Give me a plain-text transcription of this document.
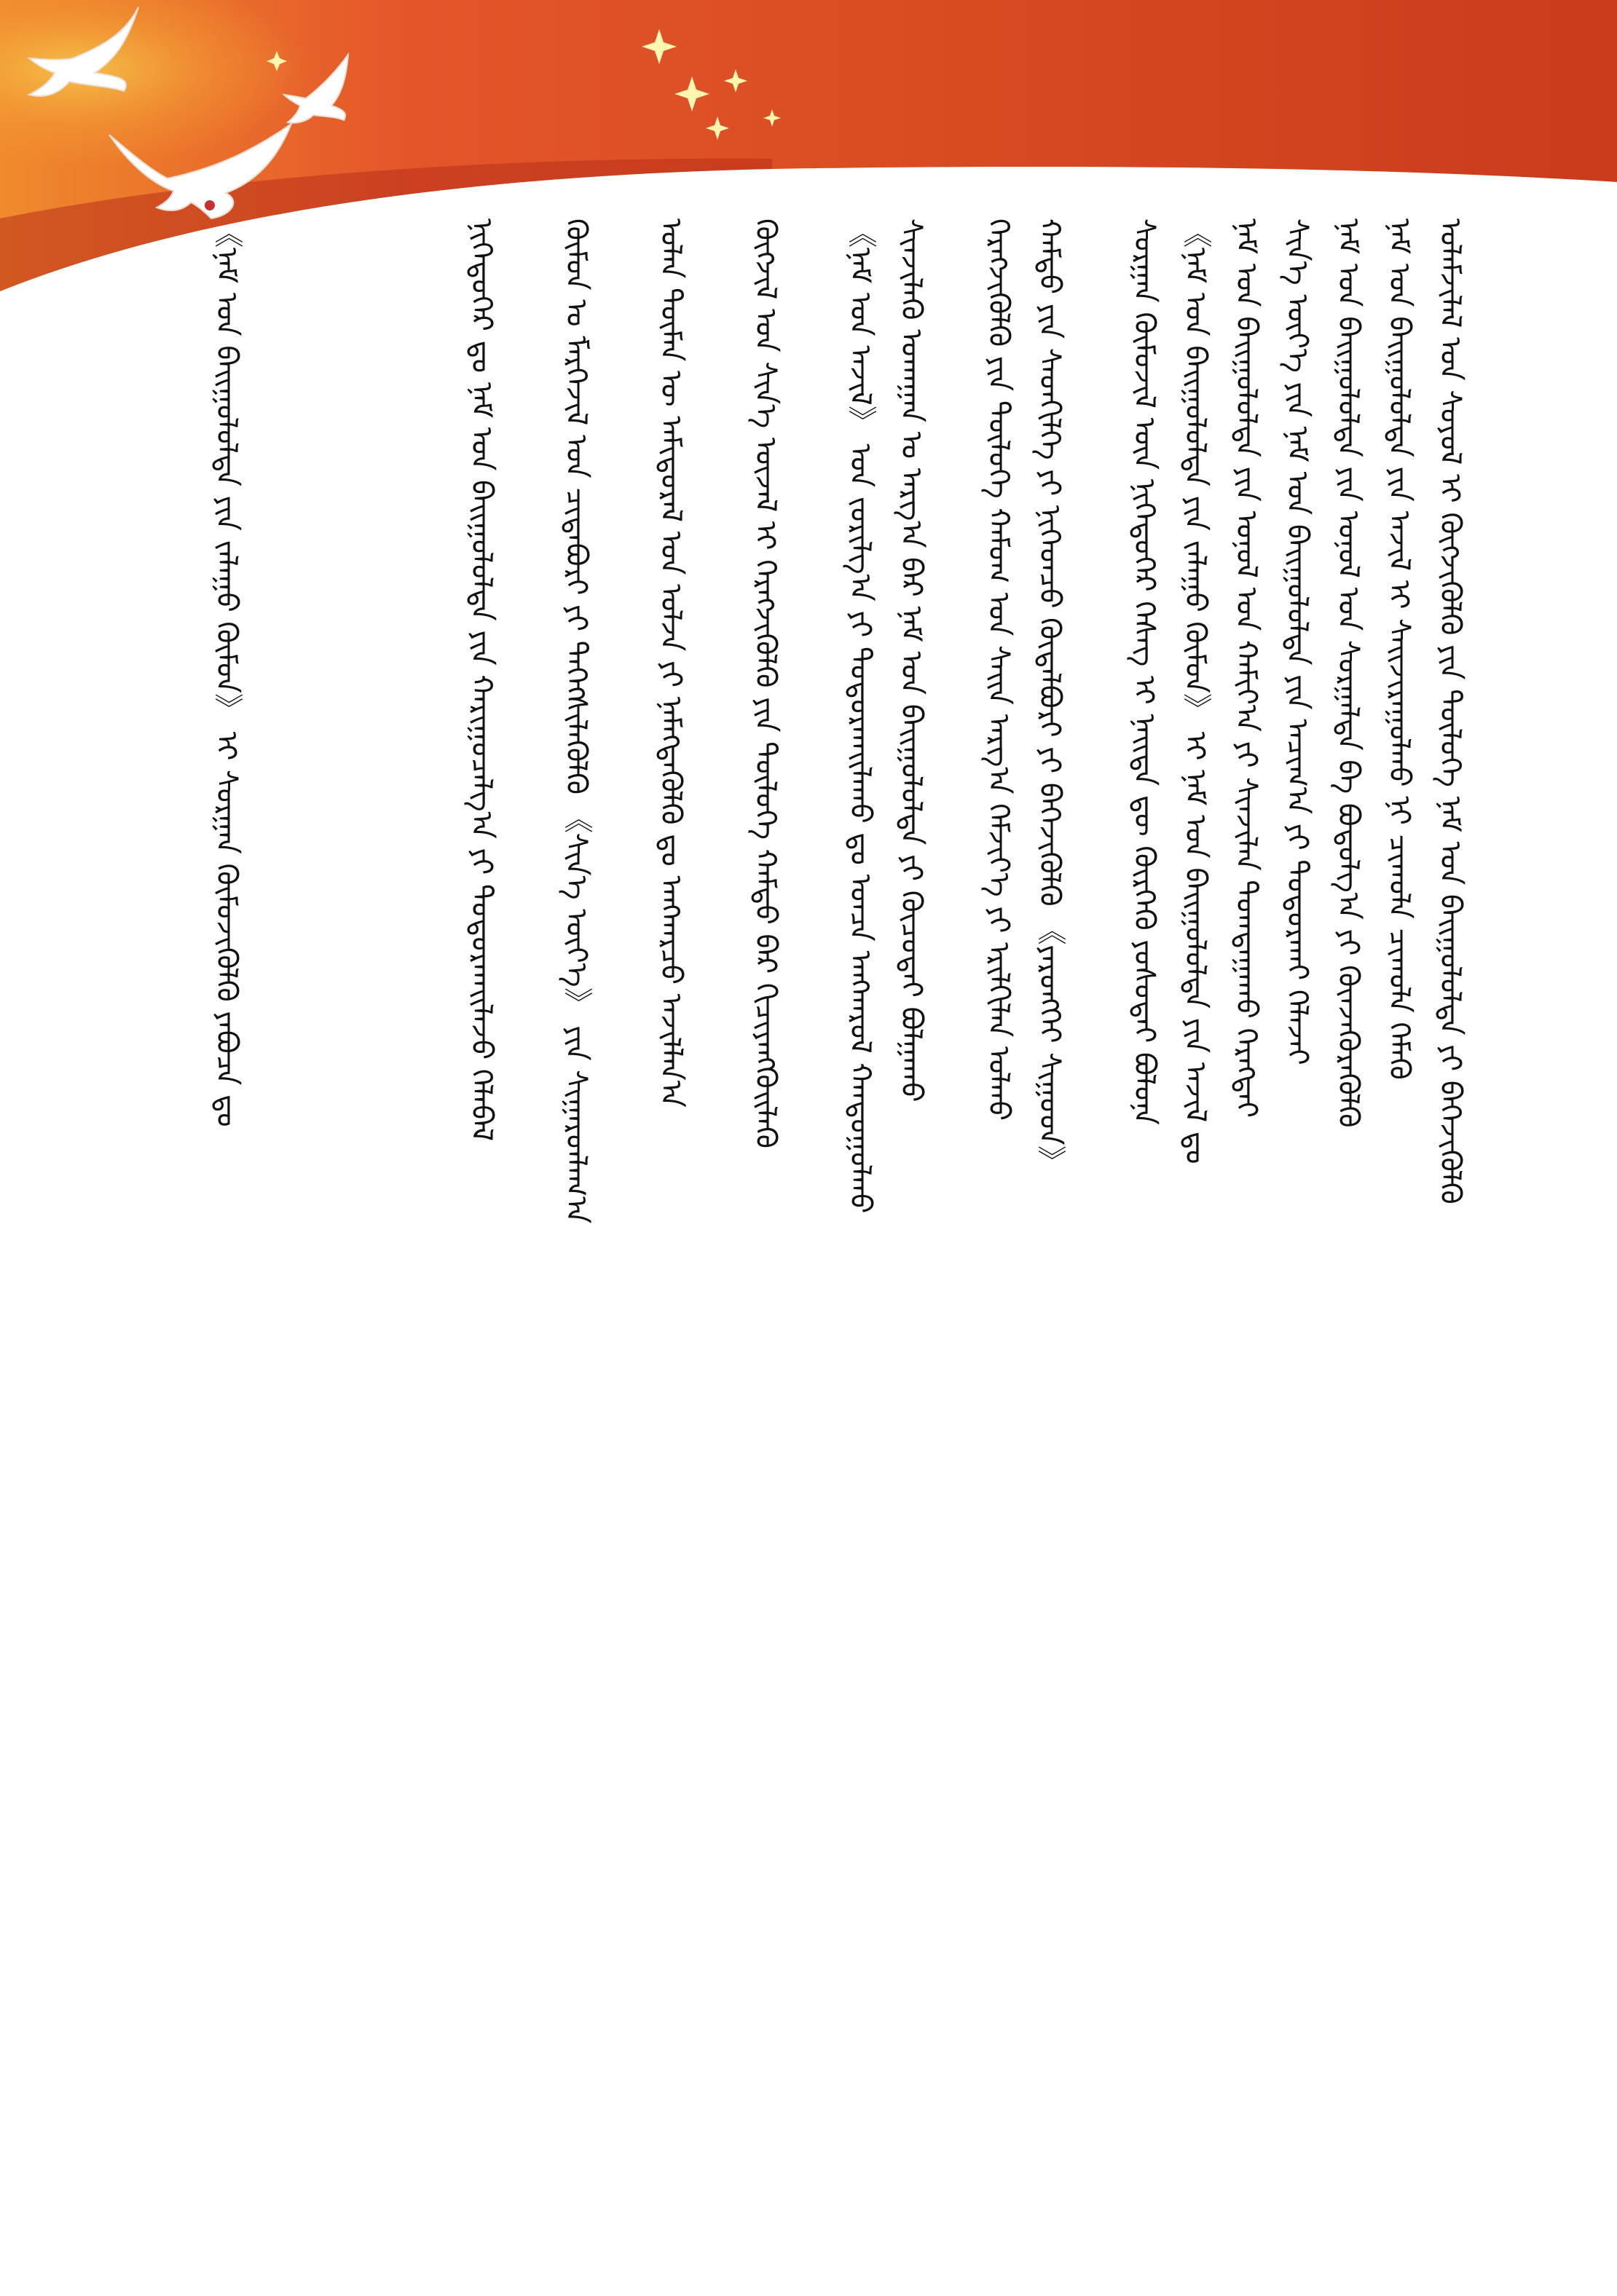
ᠤᠯᠠᠮᠵᠢᠯᠠᠯ ᠤᠨ ᠰᠣᠶᠣᠯ ᠢ ᠬᠥᠭᠵᠢᠭᠦᠯᠬᠦ ᠶᠢᠨ ᠲᠥᠯᠥᠭᠡ ᠨᠠᠮ ᠤᠨ ᠪᠠᠢᠭᠤᠯᠤᠯᠲᠠ ᠶᠢ ᠪᠡᠬᠡᠵᠢᠭᠦᠯᠬᠦ
ᠨᠠᠮ ᠤᠨ ᠪᠠᠢᠭᠤᠯᠤᠯᠲᠠ ᠶᠢᠨ ᠠᠵᠢᠯ ᠢ ᠰᠠᠢᠵᠢᠷᠠᠭᠤᠯᠬᠤ ᠨᠢ ᠴᠢᠬᠤᠯᠠ ᠴᠢᠬᠤᠯᠠ ᠬᠡᠮᠡᠬᠦ
ᠨᠠᠮ ᠤᠨ ᠪᠠᠢᠭᠤᠯᠤᠯᠲᠠ ᠶᠢᠨ ᠤᠨᠤᠯ ᠤᠨ ᠰᠤᠷᠭᠠᠯᠲᠠ ᠪᠠ ᠪᠣᠳᠣᠯᠭ᠎ᠠ ᠶᠢ ᠭᠦᠨᠵᠡᠭᠦᠷᠡᠭᠦᠯᠬᠦ
ᠰᠢᠨ᠎ᠡ ᠦᠶ᠎ᠡ ᠶᠢᠨ ᠨᠠᠮ ᠤᠨ ᠪᠠᠢᠭᠤᠯᠤᠯᠲᠠ ᠶᠢᠨ ᠠᠴᠢᠭ᠎ᠠ ᠶᠢ ᠲᠣᠳᠣᠷᠬᠠᠢ ᠬᠡᠯᠡᠵᠡᠢ
ᠨᠠᠮ ᠤᠨ ᠪᠠᠢᠭᠤᠯᠤᠯᠲᠠ ᠶᠢᠨ ᠤᠨᠤᠯ ᠤᠨ ᠬᠠᠮᠢᠶ᠎ᠠ ᠶᠢ ᠰᠢᠨᠵᠢᠯᠡᠨ ᠲᠣᠭᠲᠠᠭᠠᠬᠤ ᠬᠡᠷᠡᠭᠲᠡᠢ
《ᠨᠠᠮ ᠤᠨ ᠪᠠᠢᠭᠤᠯᠤᠯᠲᠠ ᠶᠢᠨ ᠵᠠᠯᠠᠭᠤ ᠬᠦᠮᠦᠨ》 ᠢ ᠨᠠᠮ ᠤᠨ ᠪᠠᠢᠭᠤᠯᠤᠯᠲᠠ ᠶᠢᠨ ᠠᠵᠢᠯ ᠳᠤ
ᠰᠤᠷᠭᠠᠨ ᠬᠦᠮᠦᠵᠢᠯ ᠦᠨ ᠨᠢᠭᠡᠳᠦᠭᠡᠷ ᠬᠡᠰᠡᠭ ᠢ ᠨᠡᠢᠲᠡ ᠳᠦ ᠬᠦᠷᠭᠡᠬᠦ ᠶᠣᠰᠣᠲᠠᠢ ᠪᠣᠯᠤᠨᠠ
ᠬᠠᠮᠲᠤ ᠶᠢᠨ ᠰᠡᠳᠬᠢᠯᠭᠡ ᠶᠢ ᠨᠢᠭᠡᠳᠴᠦ ᠬᠥᠲᠡᠯᠪᠦᠷᠢ ᠶᠢ ᠪᠡᠬᠡᠵᠢᠭᠦᠯᠬᠦ 《ᠶᠡᠷᠦᠩᠬᠡᠢ ᠰᠢᠭᠤᠳ》
ᠬᠡᠷᠡᠭᠵᠢᠭᠦᠯᠬᠦ ᠶᠢᠨ ᠲᠥᠯᠥᠭᠡ ᠬᠠᠮᠤᠭ ᠤᠨ ᠰᠠᠢᠨ ᠠᠷᠭ᠎ᠠ ᠬᠡᠮᠵᠢᠶ᠎ᠡ ᠶᠢ ᠡᠷᠢᠯᠬᠢᠯᠡᠨ ᠣᠯᠬᠤ
ᠰᠢᠨᠵᠢᠯᠡᠬᠦ ᠤᠬᠠᠭᠠᠨ ᠤ ᠠᠷᠭ᠎ᠠ ᠪᠠᠷ ᠨᠠᠮ ᠤᠨ ᠪᠠᠢᠭᠤᠯᠤᠯᠲᠠ ᠶᠢ ᠬᠦᠴᠦᠲᠡᠢ ᠪᠣᠯᠭᠠᠬᠤ
《ᠨᠠᠮ ᠤᠨ ᠠᠵᠢᠯ》 ᠤᠨ ᠵᠣᠷᠢᠯᠭ᠎ᠠ ᠶᠢ ᠲᠣᠳᠣᠷᠬᠠᠢᠯᠠᠬᠤ ᠳᠤ ᠣᠨᠴᠠ ᠠᠩᠬᠠᠷᠤᠯ ᠬᠠᠨᠳᠤᠭᠤᠯᠬᠤ
ᠬᠥᠭᠵᠢᠯ ᠤᠨ ᠰᠢᠨ᠎ᠡ ᠦᠵᠡᠯ ᠢ ᠬᠡᠷᠡᠭᠵᠢᠭᠦᠯᠬᠦ ᠶᠢᠨ ᠲᠥᠯᠥᠭᠡ ᠬᠠᠮᠲᠤ ᠪᠠᠷ ᠬᠢᠴᠢᠶᠡᠩᠭᠦᠢᠯᠡᠬᠦ
ᠣᠯᠠᠨ ᠲᠦᠮᠡᠨ ᠦ ᠠᠮᠢᠳᠤᠷᠠᠯ ᠤᠨ ᠣᠯᠵᠠ ᠶᠢ ᠨᠡᠮᠡᠭᠳᠡᠭᠦᠯᠬᠦ ᠳᠤ ᠠᠩᠬᠠᠷᠴᠤ ᠠᠵᠢᠯᠯᠠᠨ᠎ᠠ
ᠬᠦᠮᠦᠨ ᠤ ᠮᠡᠷᠭᠡᠵᠢᠯ ᠤᠨ ᠴᠢᠳᠠᠪᠤᠷᠢ ᠶᠢ ᠳᠡᠭᠡᠭᠰᠢᠯᠡᠭᠦᠯᠬᠦ 《ᠰᠢᠨ᠎ᠡ ᠦᠶ᠎ᠡ》 ᠶᠢᠨ ᠰᠢᠭᠠᠷᠳᠯᠠᠭ᠎ᠠ
ᠨᠢᠭᠡᠳᠦᠭᠡᠷ ᠳᠤ ᠨᠠᠮ ᠤᠨ ᠪᠠᠢᠭᠤᠯᠤᠯᠲᠠ ᠶᠢᠨ ᠬᠠᠷᠢᠭᠤᠴᠠᠯᠭ᠎ᠠ ᠶᠢ ᠲᠣᠳᠣᠷᠬᠠᠢᠯᠠᠵᠤ ᠬᠡᠯᠡᠪᠡᠯ
《ᠨᠠᠮ ᠤᠨ ᠪᠠᠢᠭᠤᠯᠤᠯᠲᠠ ᠶᠢᠨ ᠵᠠᠯᠠᠭᠤ ᠬᠦᠮᠦᠨ》 ᠢ ᠰᠤᠷᠭᠠᠨ ᠬᠦᠮᠦᠵᠢᠭᠦᠯᠬᠦ ᠶᠠᠪᠤᠴᠠ ᠳᠤ
